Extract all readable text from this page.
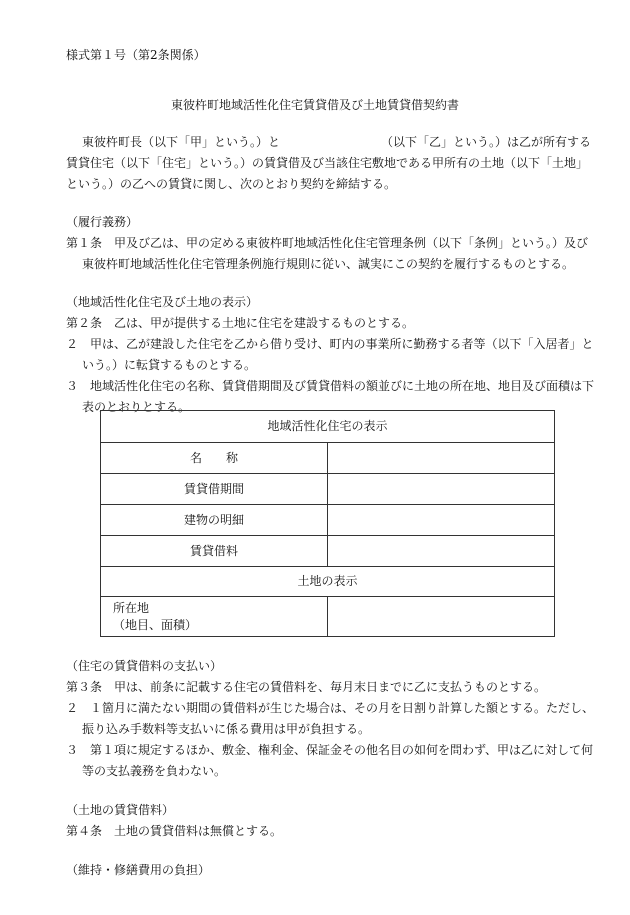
様式第１号（第2条関係）
東彼杵町地域活性化住宅賃貸借及び土地賃貸借契約書
東彼杵町長（以下「甲」という。）と	（以下「乙」という。）は乙が所有する
賃貸住宅（以下「住宅」という。）の賃貸借及び当該住宅敷地である甲所有の土地（以下「土地」
という。）の乙への賃貸に関し、次のとおり契約を締結する。
（履行義務）
第１条　甲及び乙は、甲の定める東彼杵町地域活性化住宅管理条例（以下「条例」という。）及び
東彼杵町地域活性化住宅管理条例施行規則に従い、誠実にこの契約を履行するものとする。
（地域活性化住宅及び土地の表示）
第２条　乙は、甲が提供する土地に住宅を建設するものとする。
２　甲は、乙が建設した住宅を乙から借り受け、町内の事業所に勤務する者等（以下「入居者」と
いう。）に転貸するものとする。
３　地域活性化住宅の名称、賃貸借期間及び賃貸借料の額並びに土地の所在地、地目及び面積は下
表のとおりとする。
地域活性化住宅の表示	
名　　称	
賃貸借期間	
建物の明細	
賃貸借料	
土地の表示	

所在地
（地目、面積）	

（住宅の賃貸借料の支払い）
第３条　甲は、前条に記載する住宅の賃借料を、毎月末日までに乙に支払うものとする。
２　１箇月に満たない期間の賃借料が生じた場合は、その月を日割り計算した額とする。ただし、
振り込み手数料等支払いに係る費用は甲が負担する。
３　第１項に規定するほか、敷金、権利金、保証金その他名目の如何を問わず、甲は乙に対して何
等の支払義務を負わない。
（土地の賃貸借料）
第４条　土地の賃貸借料は無償とする。
（維持・修繕費用の負担）
